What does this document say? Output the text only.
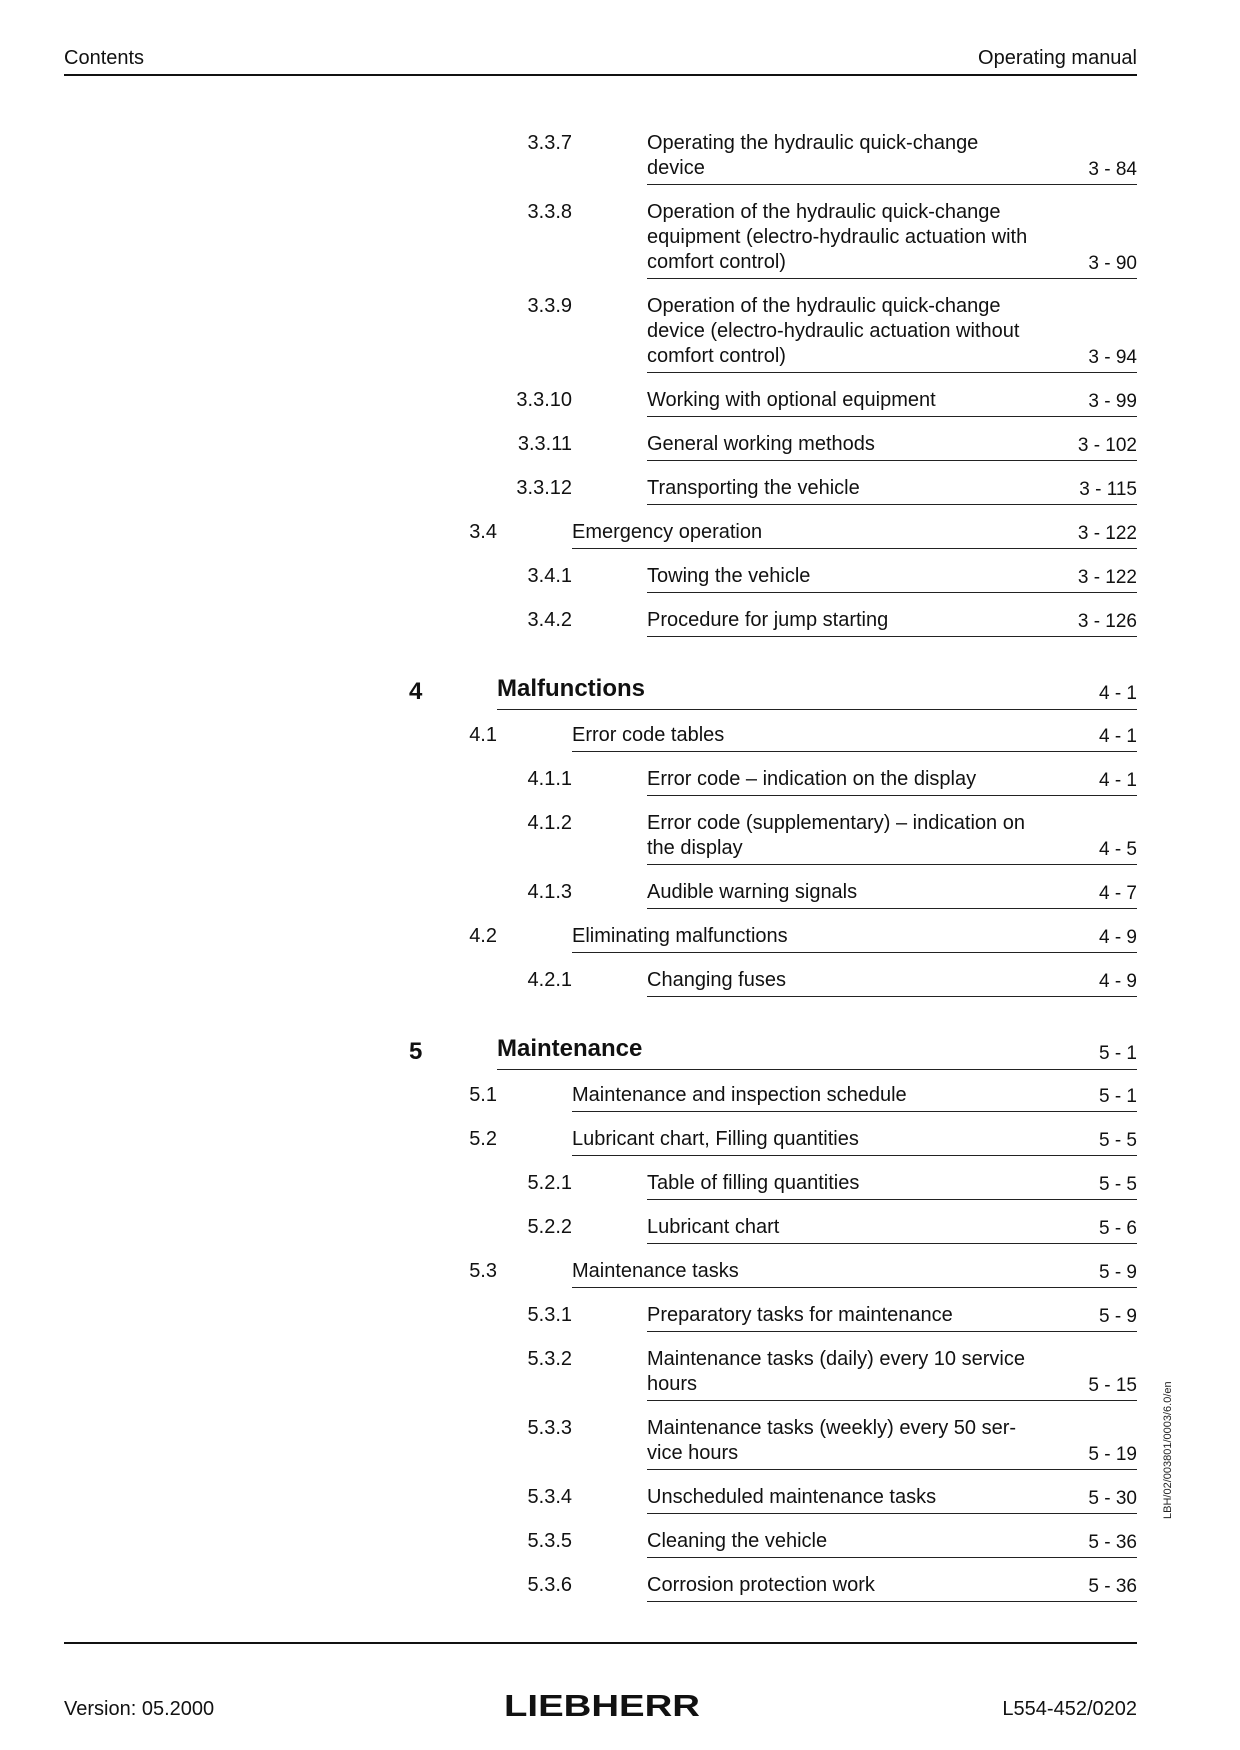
Contents	Operating manual
3.3.7	Operating the hydraulic quick-change
device	3 - 84
3.3.8	Operation of the hydraulic quick-change
equipment (electro-hydraulic actuation with
comfort control)	3 - 90
3.3.9	Operation of the hydraulic quick-change
device (electro-hydraulic actuation without
comfort control)	3 - 94
3.3.10	Working with optional equipment	3 - 99
3.3.11	General working methods	3 - 102
3.3.12	Transporting the vehicle	3 - 115
3.4	Emergency operation	3 - 122
3.4.1	Towing the vehicle	3 - 122
3.4.2	Procedure for jump starting	3 - 126
4	Malfunctions	4 - 1
4.1	Error code tables	4 - 1
4.1.1	Error code – indication on the display	4 - 1
4.1.2	Error code (supplementary) – indication on
the display	4 - 5
4.1.3	Audible warning signals	4 - 7
4.2	Eliminating malfunctions	4 - 9
4.2.1	Changing fuses	4 - 9
5	Maintenance	5 - 1
5.1	Maintenance and inspection schedule	5 - 1
5.2	Lubricant chart, Filling quantities	5 - 5
5.2.1	Table of filling quantities	5 - 5
5.2.2	Lubricant chart	5 - 6
5.3	Maintenance tasks	5 - 9
5.3.1	Preparatory tasks for maintenance	5 - 9
5.3.2	Maintenance tasks (daily) every 10 service
hours	5 - 15
5.3.3	Maintenance tasks (weekly) every 50 ser-
vice hours	5 - 19
5.3.4	Unscheduled maintenance tasks	5 - 30
5.3.5	Cleaning the vehicle	5 - 36
5.3.6	Corrosion protection work	5 - 36
Version: 05.2000	LIEBHERR	L554-452/0202
LBH/02/003801/0003/6.0/en
